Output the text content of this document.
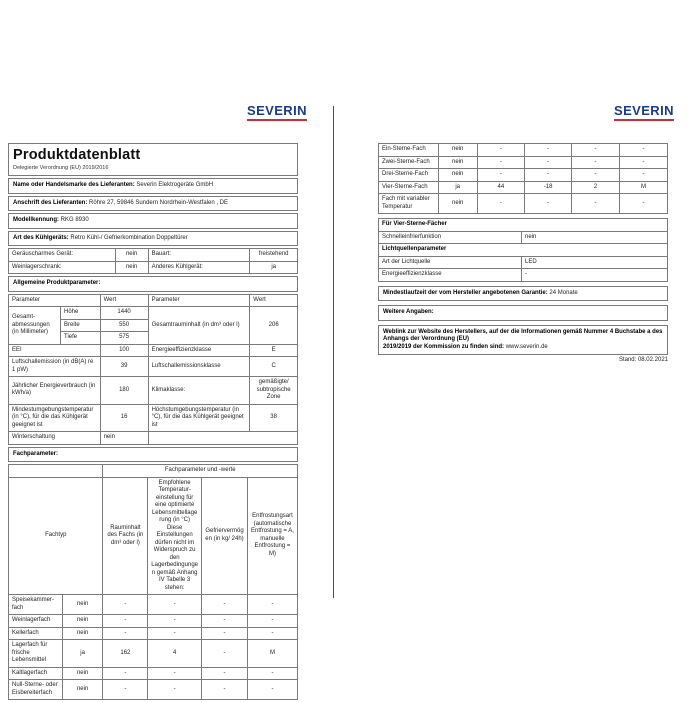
SEVERIN	SEVERIN
Produktdatenblatt
Delegierte Verordnung (EU) 2019/2016
Name oder Handelsmarke des Lieferanten: Severin Elektrogeräte GmbH
Anschrift des Lieferanten: Röhre 27, 59846 Sundern Nordrhein-Westfalen , DE
Modellkennung: RKG 8930
Art des Kühlgeräts: Retro Kühl-/ Gefrierkombination Doppeltürer
Geräuscharmes Gerät:	nein	Bauart:	freistehend
Weinlagerschrank:	nein	Anderes Kühlgerät:	ja
Allgemeine Produktparameter:
Parameter		Wert	Parameter	Wert
Gesamt- abmessungen (in Millimeter)	Höhe	1440	Gesamtrauminhalt (in dm³ oder l)	206
	Breite	550		
	Tiefe	575		
EEI		100	Energieeffizienzklasse	E
Luftschallemission (in dB(A) re 1 pW)		39	Luftschallemissionsklasse	C
Jährlicher Energieverbrauch (in kWh/a)		180	Klimaklasse:	gemäßigte/ subtropische Zone
Mindestumgebungstemperatur (in °C), für die das Kühlgerät geeignet ist		16	Höchstumgebungstemperatur (in °C), für die das Kühlgerät geeignet ist	38
Winterschaltung		nein		
Fachparameter:
		Fachparameter und -werte			
Fachtyp		Rauminhalt des Fachs (in dm³ oder l)	Empfohlene Temperatur- einstellung für eine optimierte Lebensmittellagerung (in °C) Diese Einstellungen dürfen nicht im Widerspruch zu den Lagerbedingungen gemäß Anhang IV Tabelle 3 stehen:	Gefriervermögen (in kg/ 24h)	Entfrostungsart (automatische Entfrostung = A, manuelle Entfrostung = M)
Speisekammer- fach	nein	-	-	-	-
Weinlagerfach	nein	-	-	-	-
Kellerfach	nein	-	-	-	-
Lagerfach für frische Lebensmittel	ja	162	4	-	M
Kaltlagerfach	nein	-	-	-	-
Null-Sterne- oder Eisbereiterfach	nein	-	-	-	-
Ein-Sterne-Fach	nein	-	-	-	-
Zwei-Sterne-Fach	nein	-	-	-	-
Drei-Sterne-Fach	nein	-	-	-	-
Vier-Sterne-Fach	ja	44	-18	2	M
Fach mit variabler Temperatur	nein	-	-	-	-
Für Vier-Sterne-Fächer	
Schnelleinfrierfunktion	nein
Lichtquellenparameter	
Art der Lichtquelle	LED
Energieeffizienzklasse	-
Mindestlaufzeit der vom Hersteller angebotenen Garantie: 24 Monate
Weitere Angaben:
Weblink zur Website des Herstellers, auf der die Informationen gemäß Nummer 4 Buchstabe a des Anhangs der Verordnung (EU)
2019/2019 der Kommission zu finden sind: www.severin.de
Stand: 08.02.2021
